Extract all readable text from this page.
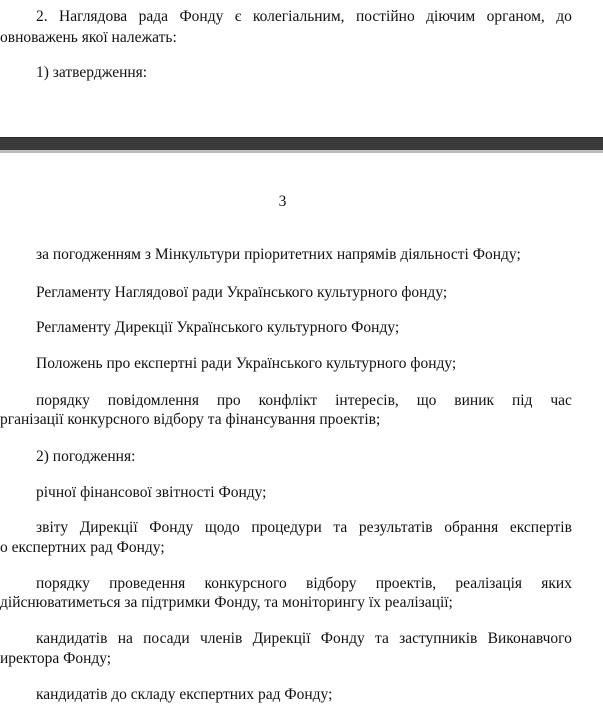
2. Наглядова рада Фонду є колегіальним, постійно діючим органом, до
овноважень якої належать:
1) затвердження:
3
за погодженням з Мінкультури пріоритетних напрямів діяльності Фонду;
Регламенту Наглядової ради Українського культурного фонду;
Регламенту Дирекції Українського культурного Фонду;
Положень про експертні ради Українського культурного фонду;
порядку повідомлення про конфлікт інтересів, що виник під час
рганізації конкурсного відбору та фінансування проектів;
2) погодження:
річної фінансової звітності Фонду;
звіту Дирекції Фонду щодо процедури та результатів обрання експертів
о експертних рад Фонду;
порядку проведення конкурсного відбору проектів, реалізація яких
дійснюватиметься за підтримки Фонду, та моніторингу їх реалізації;
кандидатів на посади членів Дирекції Фонду та заступників Виконавчого
иректора Фонду;
кандидатів до складу експертних рад Фонду;
